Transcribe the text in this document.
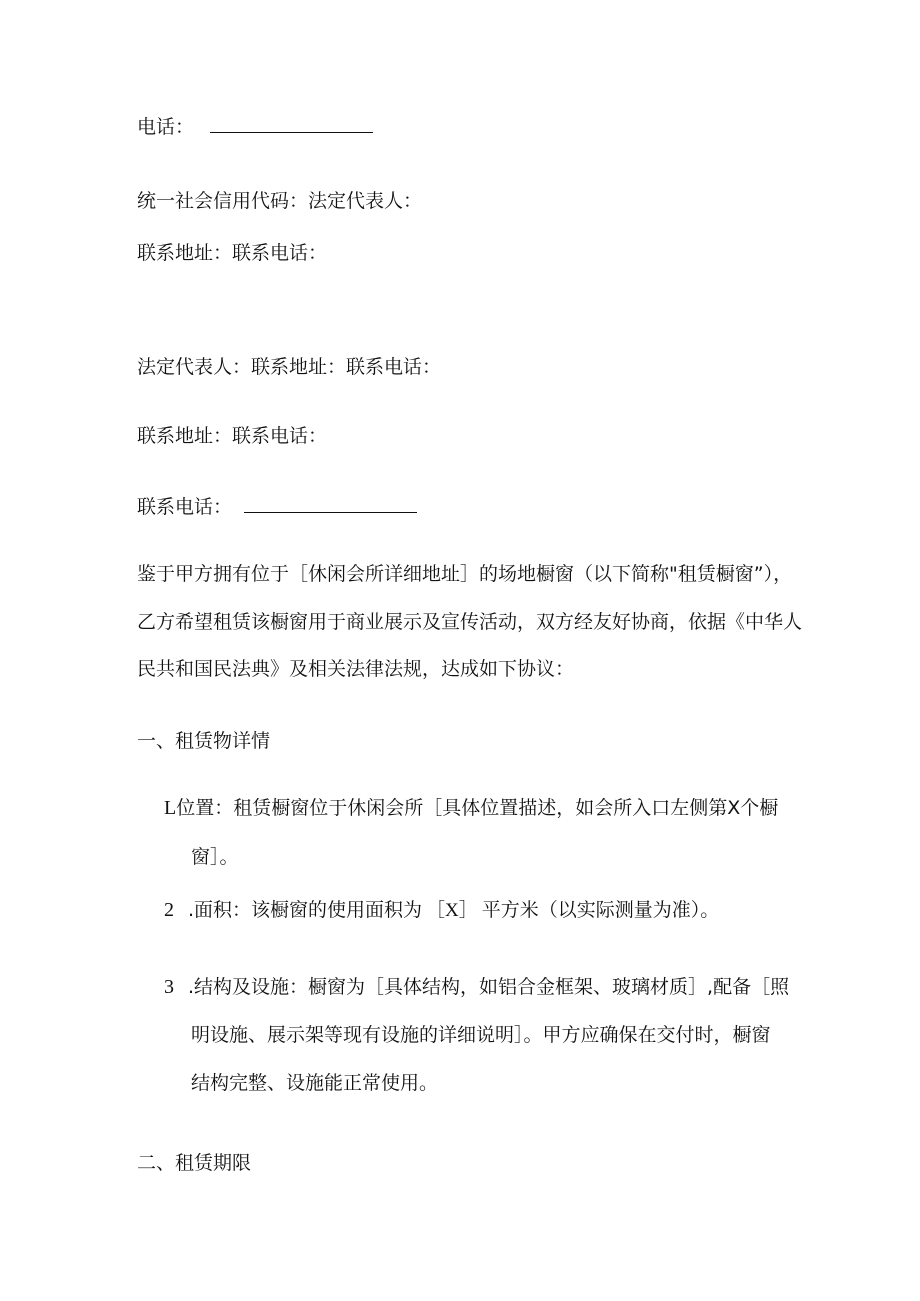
电话：
统一社会信用代码：法定代表人：
联系地址：联系电话：
法定代表人：联系地址：联系电话：
联系地址：联系电话：
联系电话：
鉴于甲方拥有位于［休闲会所详细地址］的场地橱窗（以下简称"租赁橱窗”），
乙方希望租赁该橱窗用于商业展示及宣传活动，双方经友好协商，依据《中华人
民共和国民法典》及相关法律法规，达成如下协议：
一、租赁物详情
L位置：租赁橱窗位于休闲会所［具体位置描述，如会所入口左侧第X个橱
窗］。
2 .面积：该橱窗的使用面积为 ［X］ 平方米（以实际测量为准）。
3 .结构及设施：橱窗为［具体结构，如铝合金框架、玻璃材质］,配备［照
明设施、展示架等现有设施的详细说明］。甲方应确保在交付时，橱窗
结构完整、设施能正常使用。
二、租赁期限
